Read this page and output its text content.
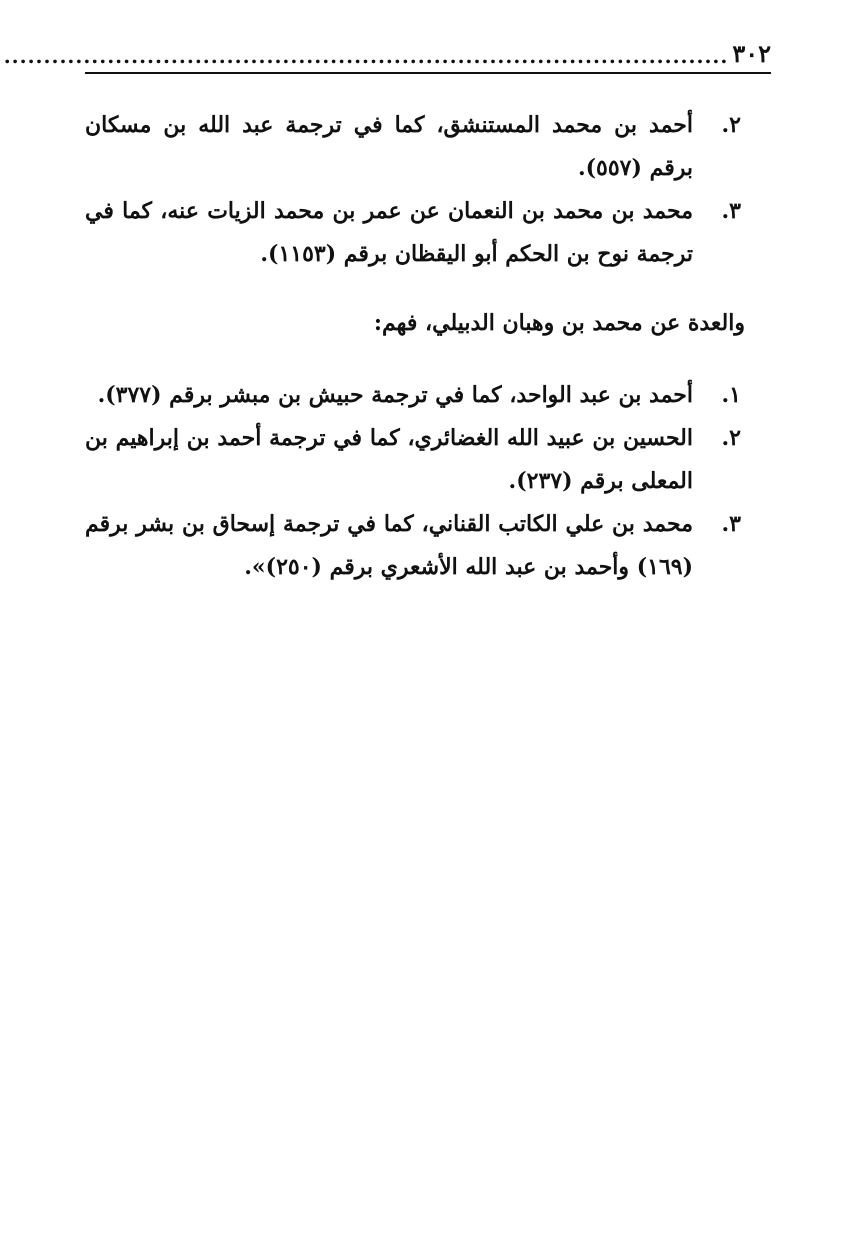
٣٠٢
...........................................................................................
٢.
أحمد بن محمد المستنشق، كما في ترجمة عبد الله بن مسكان برقم (٥٥٧).
٣.
محمد بن محمد بن النعمان عن عمر بن محمد الزيات عنه، كما في ترجمة نوح بن الحكم أبو اليقظان برقم (١١٥٣).

والعدة عن محمد بن وهبان الدبيلي، فهم:

١.
أحمد بن عبد الواحد، كما في ترجمة حبيش بن مبشر برقم (٣٧٧).
٢.
الحسين بن عبيد الله الغضائري، كما في ترجمة أحمد بن إبراهيم بن المعلى برقم (٢٣٧).
٣.
محمد بن علي الكاتب القناني، كما في ترجمة إسحاق بن بشر برقم (١٦٩) وأحمد بن عبد الله الأشعري برقم (٢٥٠)».
